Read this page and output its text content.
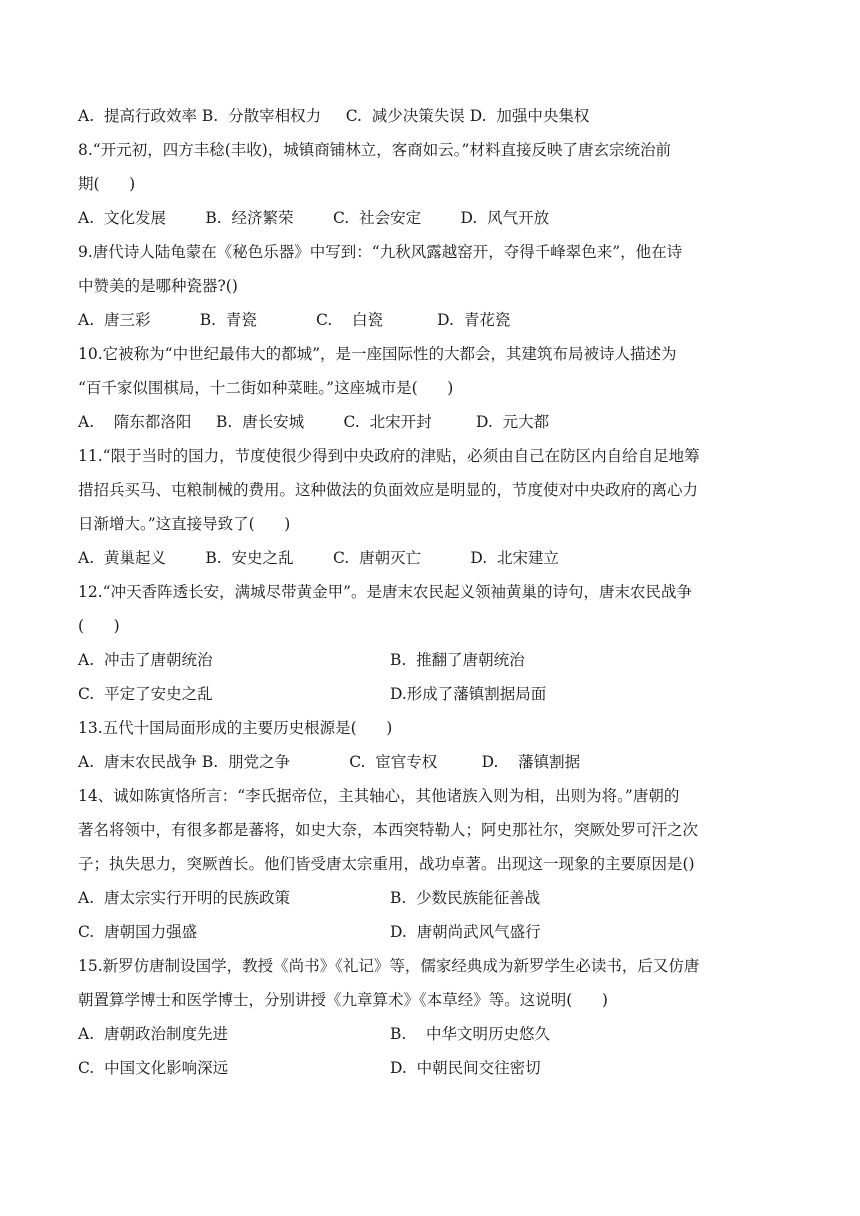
A.  提高行政效率 B.  分散宰相权力     C.  减少决策失误 D.  加强中央集权
8.“开元初，四方丰稔(丰收)，城镇商铺林立，客商如云。”材料直接反映了唐玄宗统治前
期(      )
A.  文化发展        B.  经济繁荣        C.  社会安定        D.  风气开放
9.唐代诗人陆龟蒙在《秘色乐器》中写到：“九秋风露越窑开，夺得千峰翠色来”，他在诗
中赞美的是哪种瓷器?()
A.  唐三彩          B.  青瓷            C.    白瓷           D.  青花瓷
10.它被称为“中世纪最伟大的都城”，是一座国际性的大都会，其建筑布局被诗人描述为
“百千家似围棋局，十二街如种菜畦。”这座城市是(      )
A.    隋东都洛阳     B.  唐长安城        C.  北宋开封         D.  元大都
11.“限于当时的国力，节度使很少得到中央政府的津贴，必须由自己在防区内自给自足地筹
措招兵买马、屯粮制械的费用。这种做法的负面效应是明显的，节度使对中央政府的离心力
日渐增大。”这直接导致了(      )
A.  黄巢起义        B.  安史之乱        C.  唐朝灭亡          D.  北宋建立
12.“冲天香阵透长安，满城尽带黄金甲”。是唐末农民起义领袖黄巢的诗句，唐末农民战争
(      )
A.  冲击了唐朝统治	B.  推翻了唐朝统治
C.  平定了安史之乱	D.形成了藩镇割据局面
13.五代十国局面形成的主要历史根源是(      )
A.  唐末农民战争 B.  朋党之争            C.  宦官专权         D.    藩镇割据
14、诚如陈寅恪所言：“李氏据帝位，主其轴心，其他诸族入则为相，出则为将。”唐朝的
著名将领中，有很多都是蕃将，如史大奈，本西突特勒人；阿史那社尔，突厥处罗可汗之次
子；执失思力，突厥酋长。他们皆受唐太宗重用，战功卓著。出现这一现象的主要原因是()
A.  唐太宗实行开明的民族政策	B.  少数民族能征善战
C.  唐朝国力强盛	D.  唐朝尚武风气盛行
15.新罗仿唐制设国学，教授《尚书》《礼记》等，儒家经典成为新罗学生必读书，后又仿唐
朝置算学博士和医学博士，分别讲授《九章算术》《本草经》等。这说明(      )
A.  唐朝政治制度先进	B.    中华文明历史悠久
C.  中国文化影响深远	D.  中朝民间交往密切
